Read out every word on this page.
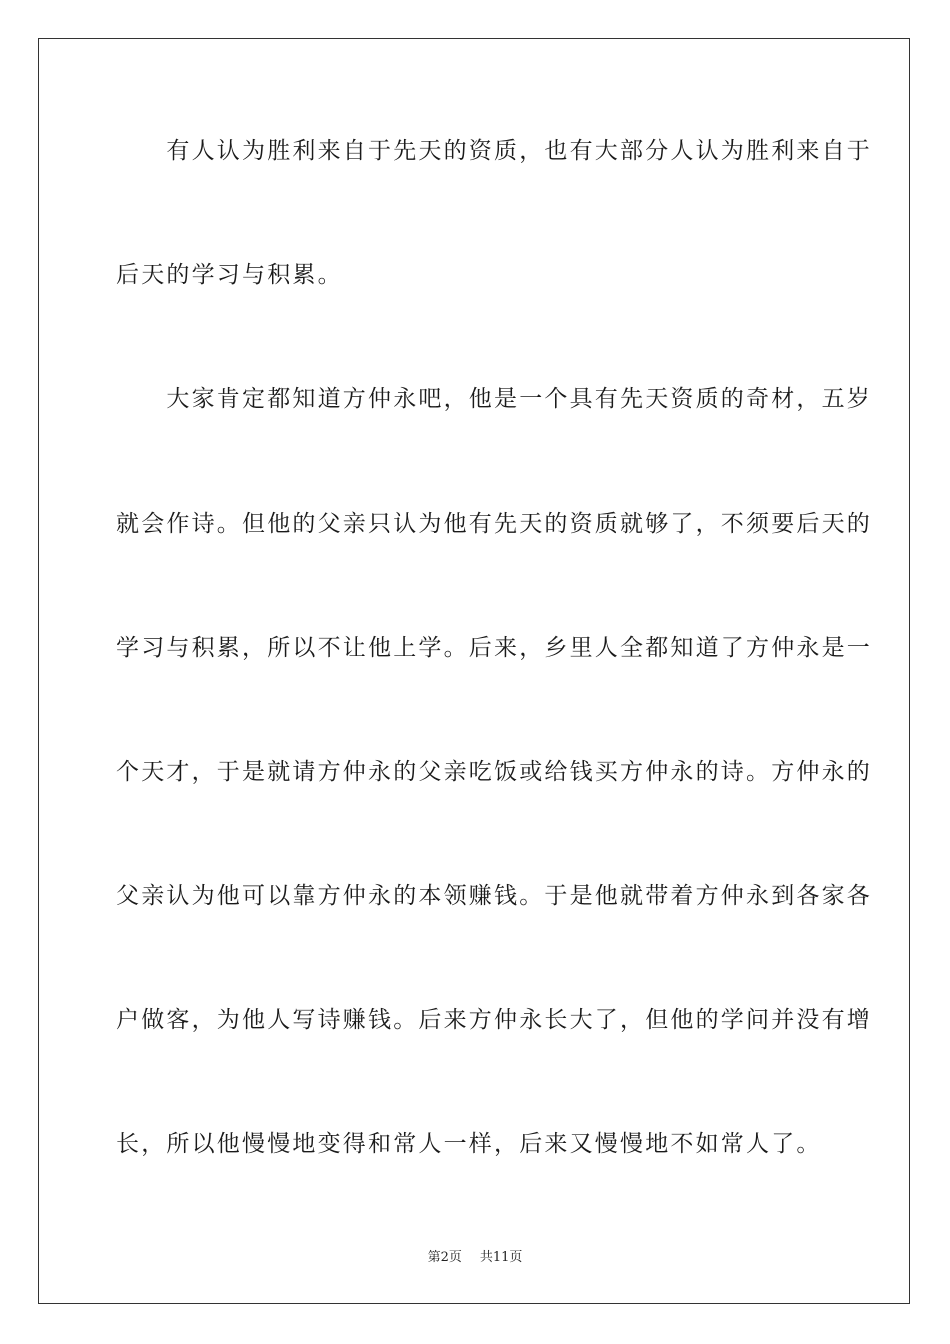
　　有人认为胜利来自于先天的资质，也有大部分人认为胜利来自于
后天的学习与积累。
　　大家肯定都知道方仲永吧，他是一个具有先天资质的奇材，五岁
就会作诗。但他的父亲只认为他有先天的资质就够了，不须要后天的
学习与积累，所以不让他上学。后来，乡里人全都知道了方仲永是一
个天才，于是就请方仲永的父亲吃饭或给钱买方仲永的诗。方仲永的
父亲认为他可以靠方仲永的本领赚钱。于是他就带着方仲永到各家各
户做客，为他人写诗赚钱。后来方仲永长大了，但他的学问并没有增
长，所以他慢慢地变得和常人一样，后来又慢慢地不如常人了。
第2页 共11页
